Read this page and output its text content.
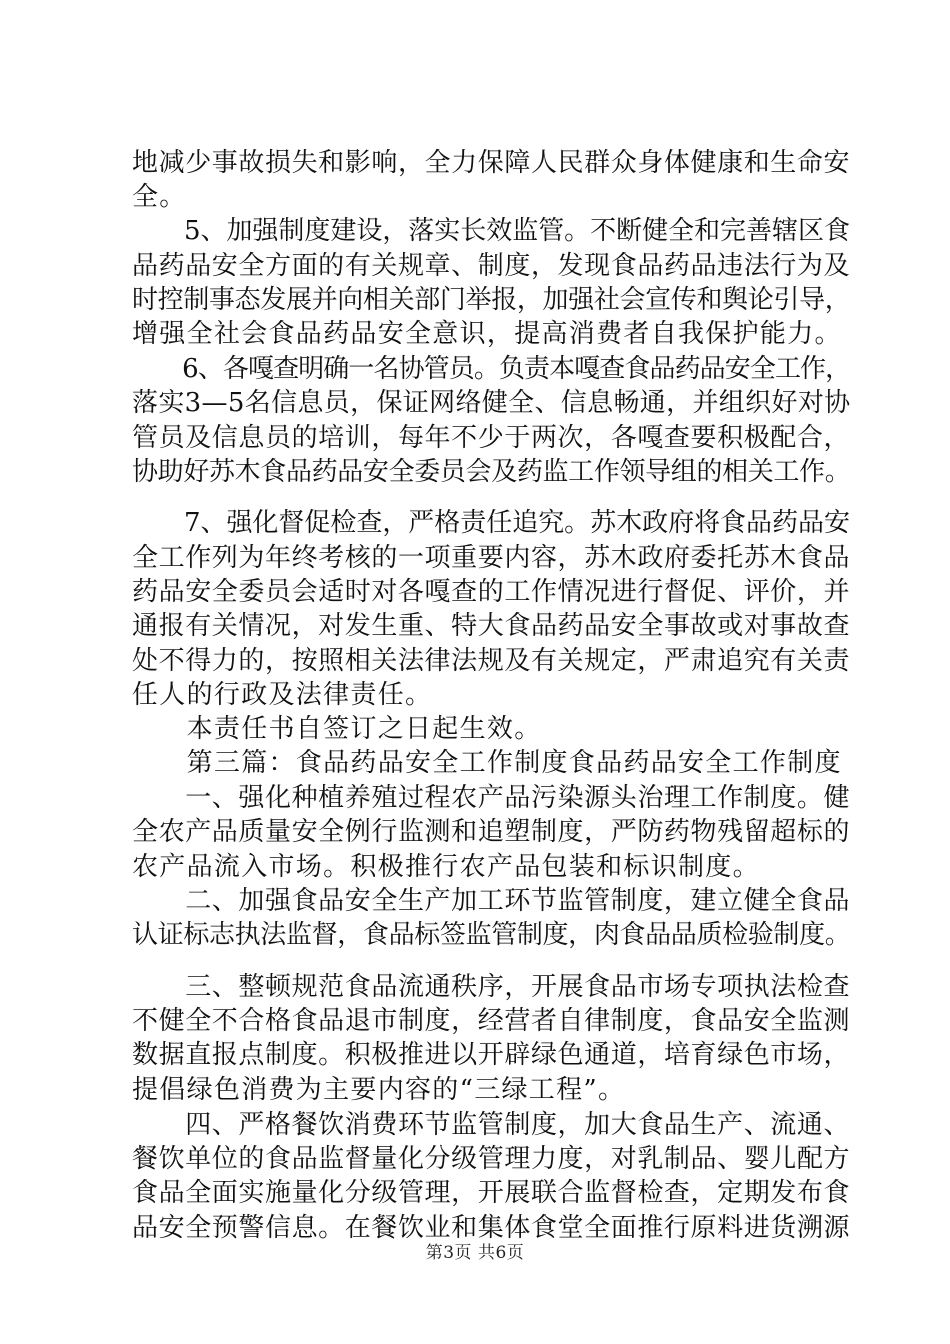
地减少事故损失和影响，全力保障人民群众身体健康和生命安
全。
　　5、加强制度建设，落实长效监管。不断健全和完善辖区食
品药品安全方面的有关规章、制度，发现食品药品违法行为及
时控制事态发展并向相关部门举报，加强社会宣传和舆论引导，
增强全社会食品药品安全意识，提高消费者自我保护能力。
　　6、各嘎查明确一名协管员。负责本嘎查食品药品安全工作，
落实3—5名信息员，保证网络健全、信息畅通，并组织好对协
管员及信息员的培训，每年不少于两次，各嘎查要积极配合，
协助好苏木食品药品安全委员会及药监工作领导组的相关工作。
　　7、强化督促检查，严格责任追究。苏木政府将食品药品安
全工作列为年终考核的一项重要内容，苏木政府委托苏木食品
药品安全委员会适时对各嘎查的工作情况进行督促、评价，并
通报有关情况，对发生重、特大食品药品安全事故或对事故查
处不得力的，按照相关法律法规及有关规定，严肃追究有关责
任人的行政及法律责任。
　　本责任书自签订之日起生效。
　　第三篇：食品药品安全工作制度食品药品安全工作制度
　　一、强化种植养殖过程农产品污染源头治理工作制度。健
全农产品质量安全例行监测和追塑制度，严防药物残留超标的
农产品流入市场。积极推行农产品包装和标识制度。
　　二、加强食品安全生产加工环节监管制度，建立健全食品
认证标志执法监督，食品标签监管制度，肉食品品质检验制度。
　　三、整顿规范食品流通秩序，开展食品市场专项执法检查
不健全不合格食品退市制度，经营者自律制度，食品安全监测
数据直报点制度。积极推进以开辟绿色通道，培育绿色市场，
提倡绿色消费为主要内容的“三绿工程”。
　　四、严格餐饮消费环节监管制度，加大食品生产、流通、
餐饮单位的食品监督量化分级管理力度，对乳制品、婴儿配方
食品全面实施量化分级管理，开展联合监督检查，定期发布食
品安全预警信息。在餐饮业和集体食堂全面推行原料进货溯源
第3页 共6页
